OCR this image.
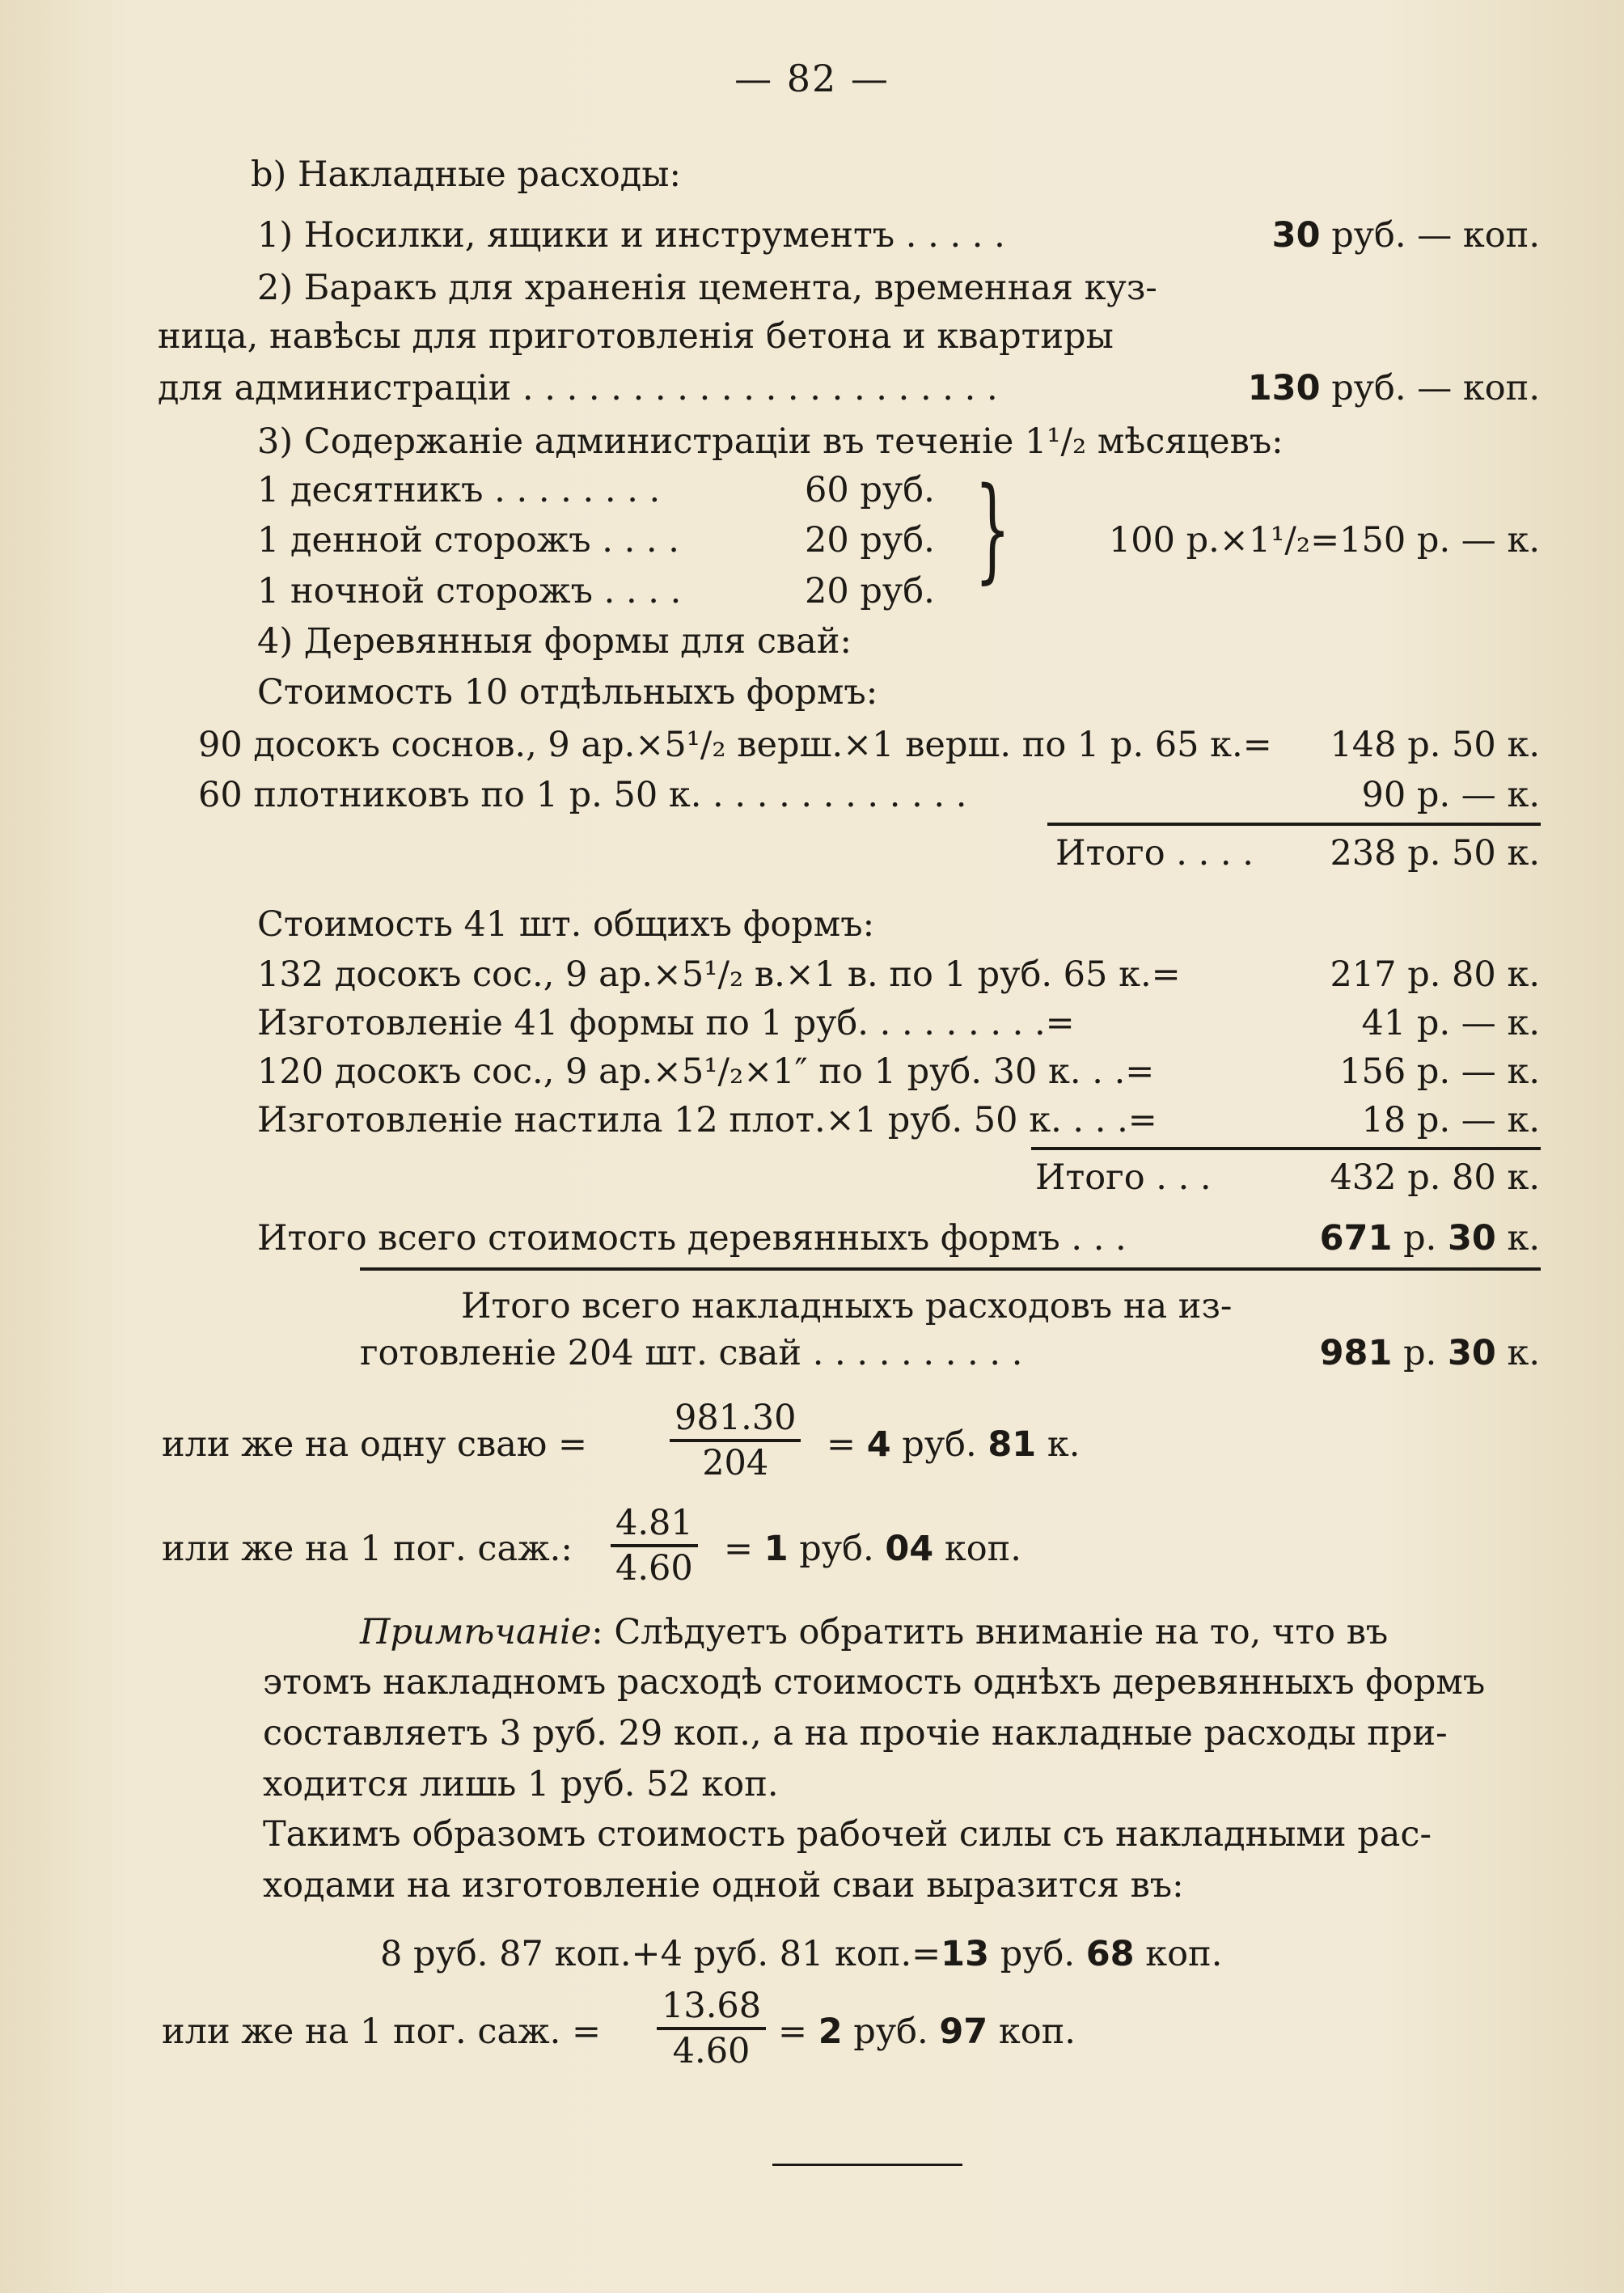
— 82 —
b) Накладные расходы:
1) Носилки, ящики и инструментъ . . . . .	30 руб. — коп.
2) Баракъ для храненія цемента, временная куз-
ница, навѣсы для приготовленія бетона и квартиры
для администраціи . . . . . . . . . . . . . . . . . . . . . .	130 руб. — коп.
3) Содержаніе администраціи въ теченіе 1¹/₂ мѣсяцевъ:
1 десятникъ . . . . . . . .	60 руб.
1 денной сторожъ . . . .	20 руб.
1 ночной сторожъ . . . .	20 руб. }	100 р.×1¹/₂=150 р. — к.
4) Деревянныя формы для свай:
Стоимость 10 отдѣльныхъ формъ:
90 досокъ соснов., 9 ар.×5¹/₂ верш.×1 верш. по 1 р. 65 к.= 148 р. 50 к.
60 плотниковъ по 1 р. 50 к. . . . . . . . . . . . .	90 р. — к.
Итого . . . . 238 р. 50 к.
Стоимость 41 шт. общихъ формъ:
132 досокъ сос., 9 ар.×5¹/₂ в.×1 в. по 1 руб. 65 к.=	217 р. 80 к.
Изготовленіе 41 формы по 1 руб. . . . . . . . .=	41 р. — к.
120 досокъ сос., 9 ар.×5¹/₂×1″ по 1 руб. 30 к. . .=	156 р. — к.
Изготовленіе настила 12 плот.×1 руб. 50 к. . . .=	18 р. — к.
Итого . . .	432 р. 80 к.
Итого всего стоимость деревянныхъ формъ . . .	671 р. 30 к.
Итого всего накладныхъ расходовъ на из-
готовленіе 204 шт. свай . . . . . . . . . .	981 р. 30 к.
или же на одну сваю = $\frac{981.30}{204} = 4$ руб. 81 к.
или же на 1 пог. саж.: $\frac{4.81}{4.60} = 1$ руб. 04 коп.
Примѣчаніе: Слѣдуетъ обратить вниманіе на то, что въ
этомъ накладномъ расходѣ стоимость однѣхъ деревянныхъ формъ
составляетъ 3 руб. 29 коп., а на прочіе накладные расходы при-
ходится лишь 1 руб. 52 коп.
Такимъ образомъ стоимость рабочей силы съ накладными рас-
ходами на изготовленіе одной сваи выразится въ:
8 руб. 87 коп.+4 руб. 81 коп.=13 руб. 68 коп.
или же на 1 пог. саж. = $\frac{13.68}{4.60} = 2$ руб. 97 коп.
